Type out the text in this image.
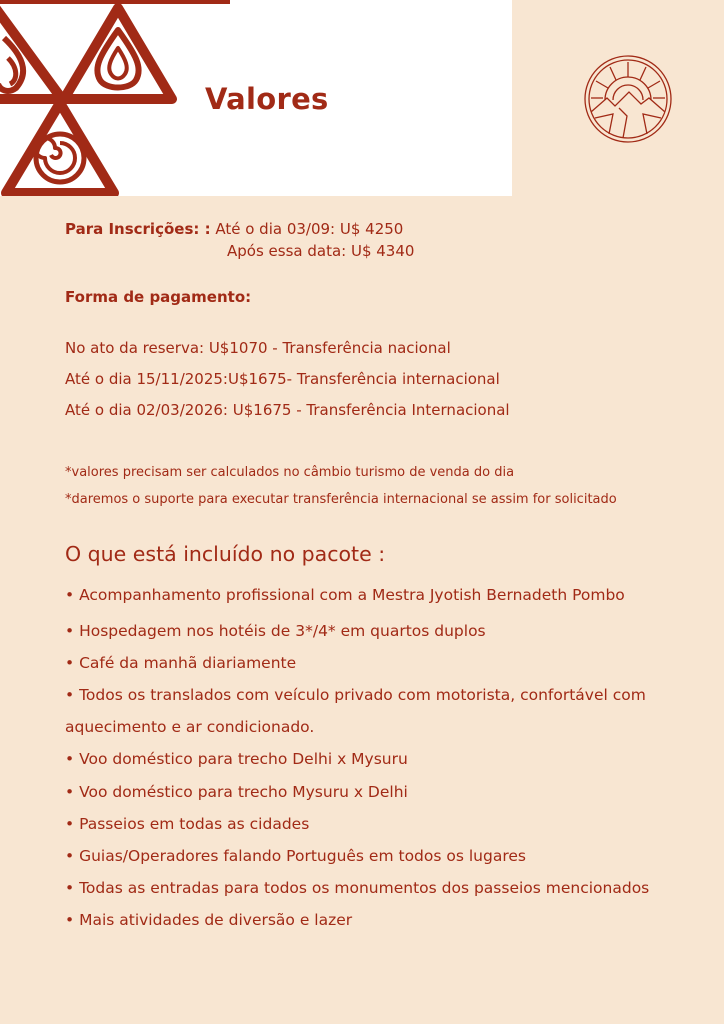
Valores
Para Inscrições: : Até o dia 03/09: U$ 4250
Após essa data: U$ 4340
Forma de pagamento:
No ato da reserva: U$1070 - Transferência nacional
Até o dia 15/11/2025:U$1675- Transferência internacional
Até o dia 02/03/2026: U$1675 - Transferência Internacional
*valores precisam ser calculados no câmbio turismo de venda do dia
*daremos o suporte para executar transferência internacional se assim for solicitado
O que está incluído no pacote :
• Acompanhamento profissional com a Mestra Jyotish Bernadeth Pombo
• Hospedagem nos hotéis de 3*/4* em quartos duplos
• Café da manhã diariamente
• Todos os translados com veículo privado com motorista, confortável com
aquecimento e ar condicionado.
• Voo doméstico para trecho Delhi x Mysuru
• Voo doméstico para trecho Mysuru x Delhi
• Passeios em todas as cidades
• Guias/Operadores falando Português em todos os lugares
• Todas as entradas para todos os monumentos dos passeios mencionados
• Mais atividades de diversão e lazer
